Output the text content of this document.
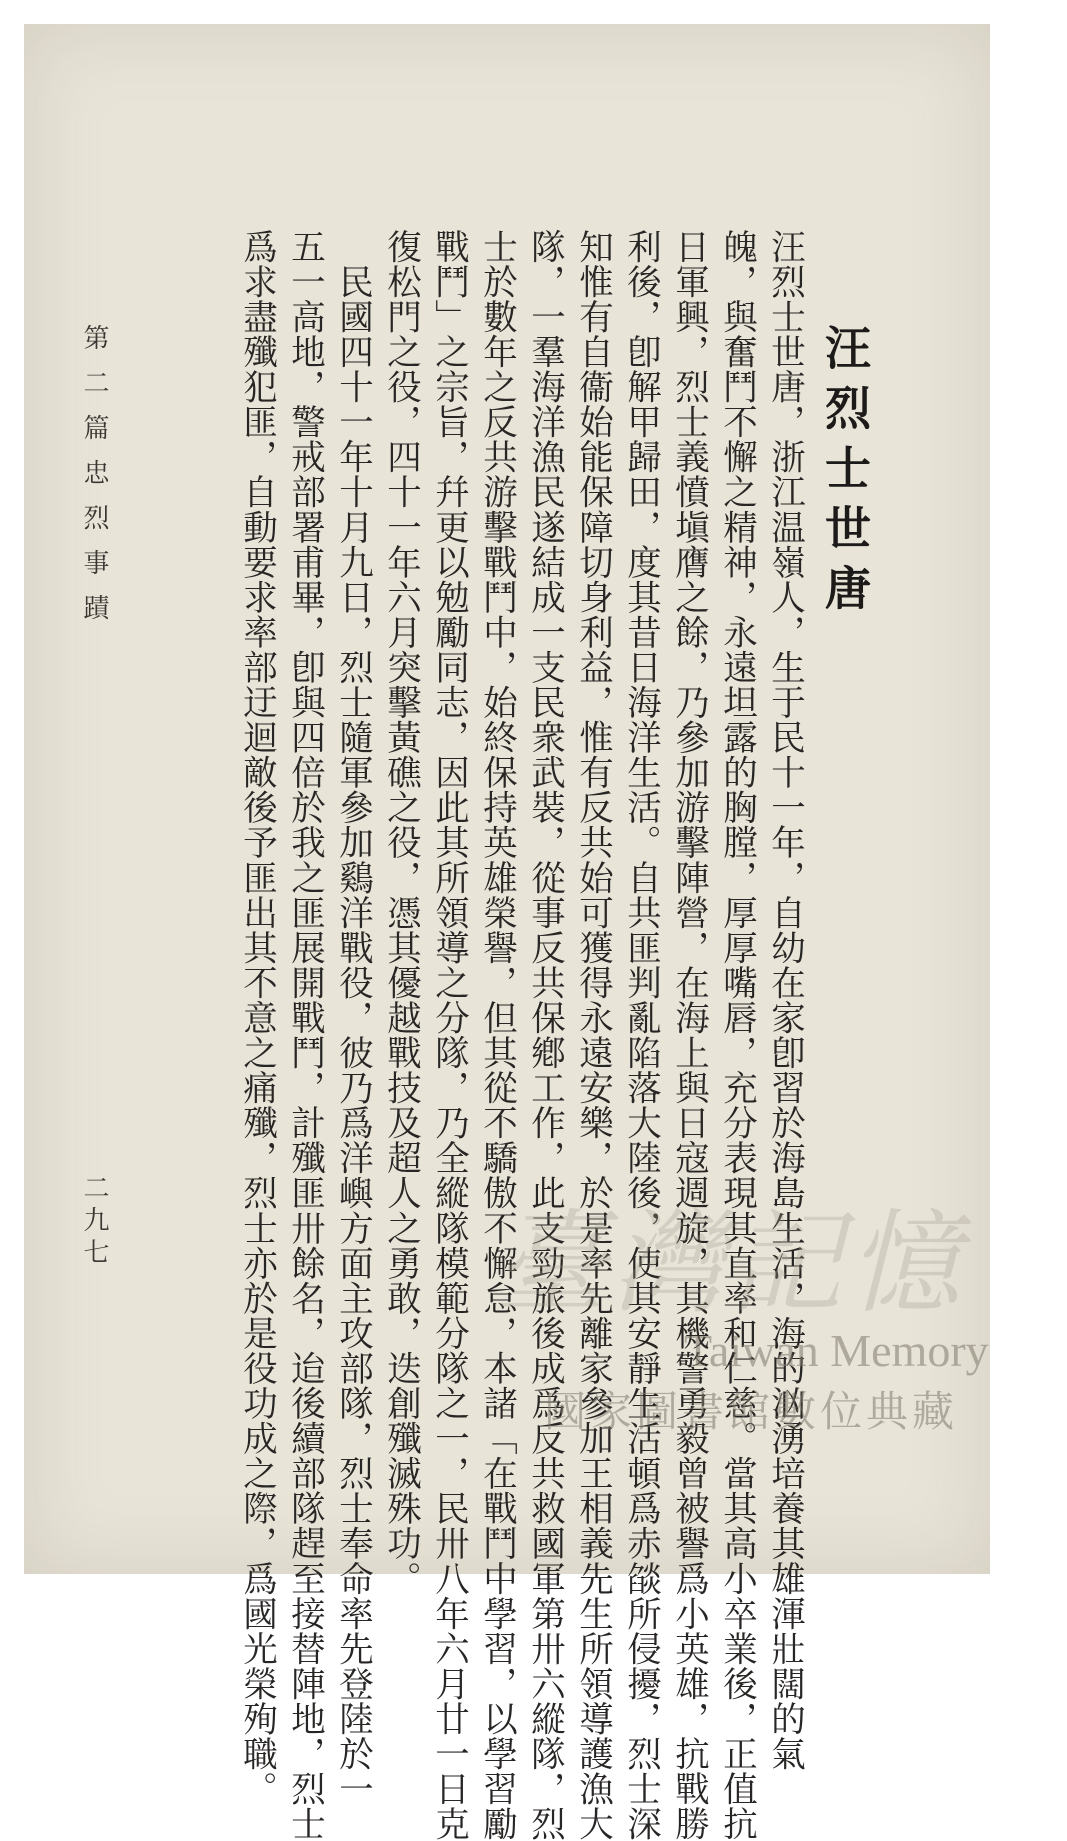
汪烈士世唐
汪烈士世唐，浙江温嶺人，生于民十一年，自幼在家卽習於海島生活，海的汹湧培養其雄渾壯闊的氣
魄，與奮鬥不懈之精神，永遠坦露的胸膛，厚厚嘴唇，充分表現其直率和仁慈。當其高小卒業後，正值抗
日軍興，烈士義憤塡膺之餘，乃參加游擊陣營，在海上與日寇週旋，其機警勇毅曾被譽爲小英雄，抗戰勝
利後，卽解甲歸田，度其昔日海洋生活。自共匪判亂陷落大陸後，使其安靜生活頓爲赤燄所侵擾，烈士深
知惟有自衞始能保障切身利益，惟有反共始可獲得永遠安樂，於是率先離家參加王相義先生所領導護漁大
隊，一羣海洋漁民遂結成一支民衆武裝，從事反共保鄕工作，此支勁旅後成爲反共救國軍第卅六縱隊，烈
士於數年之反共游擊戰鬥中，始終保持英雄榮譽，但其從不驕傲不懈怠，本諸「在戰鬥中學習，以學習勵
戰鬥」之宗旨，幷更以勉勵同志，因此其所領導之分隊，乃全縱隊模範分隊之一，民卅八年六月廿一日克
復松門之役，四十一年六月突擊黃礁之役，憑其優越戰技及超人之勇敢，迭創殲滅殊功。
　民國四十一年十月九日，烈士隨軍參加鷄洋戰役，彼乃爲洋嶼方面主攻部隊，烈士奉命率先登陸於一
五一高地，警戒部署甫畢，卽與四倍於我之匪展開戰鬥，計殲匪卅餘名，迨後續部隊趕至接替陣地，烈士
爲求盡殲犯匪，自動要求率部迂迴敵後予匪出其不意之痛殲，烈士亦於是役功成之際，爲國光榮殉職。
第二篇忠烈事蹟
二九七	臺灣記憶
Taiwan Memory
國家圖書館數位典藏
